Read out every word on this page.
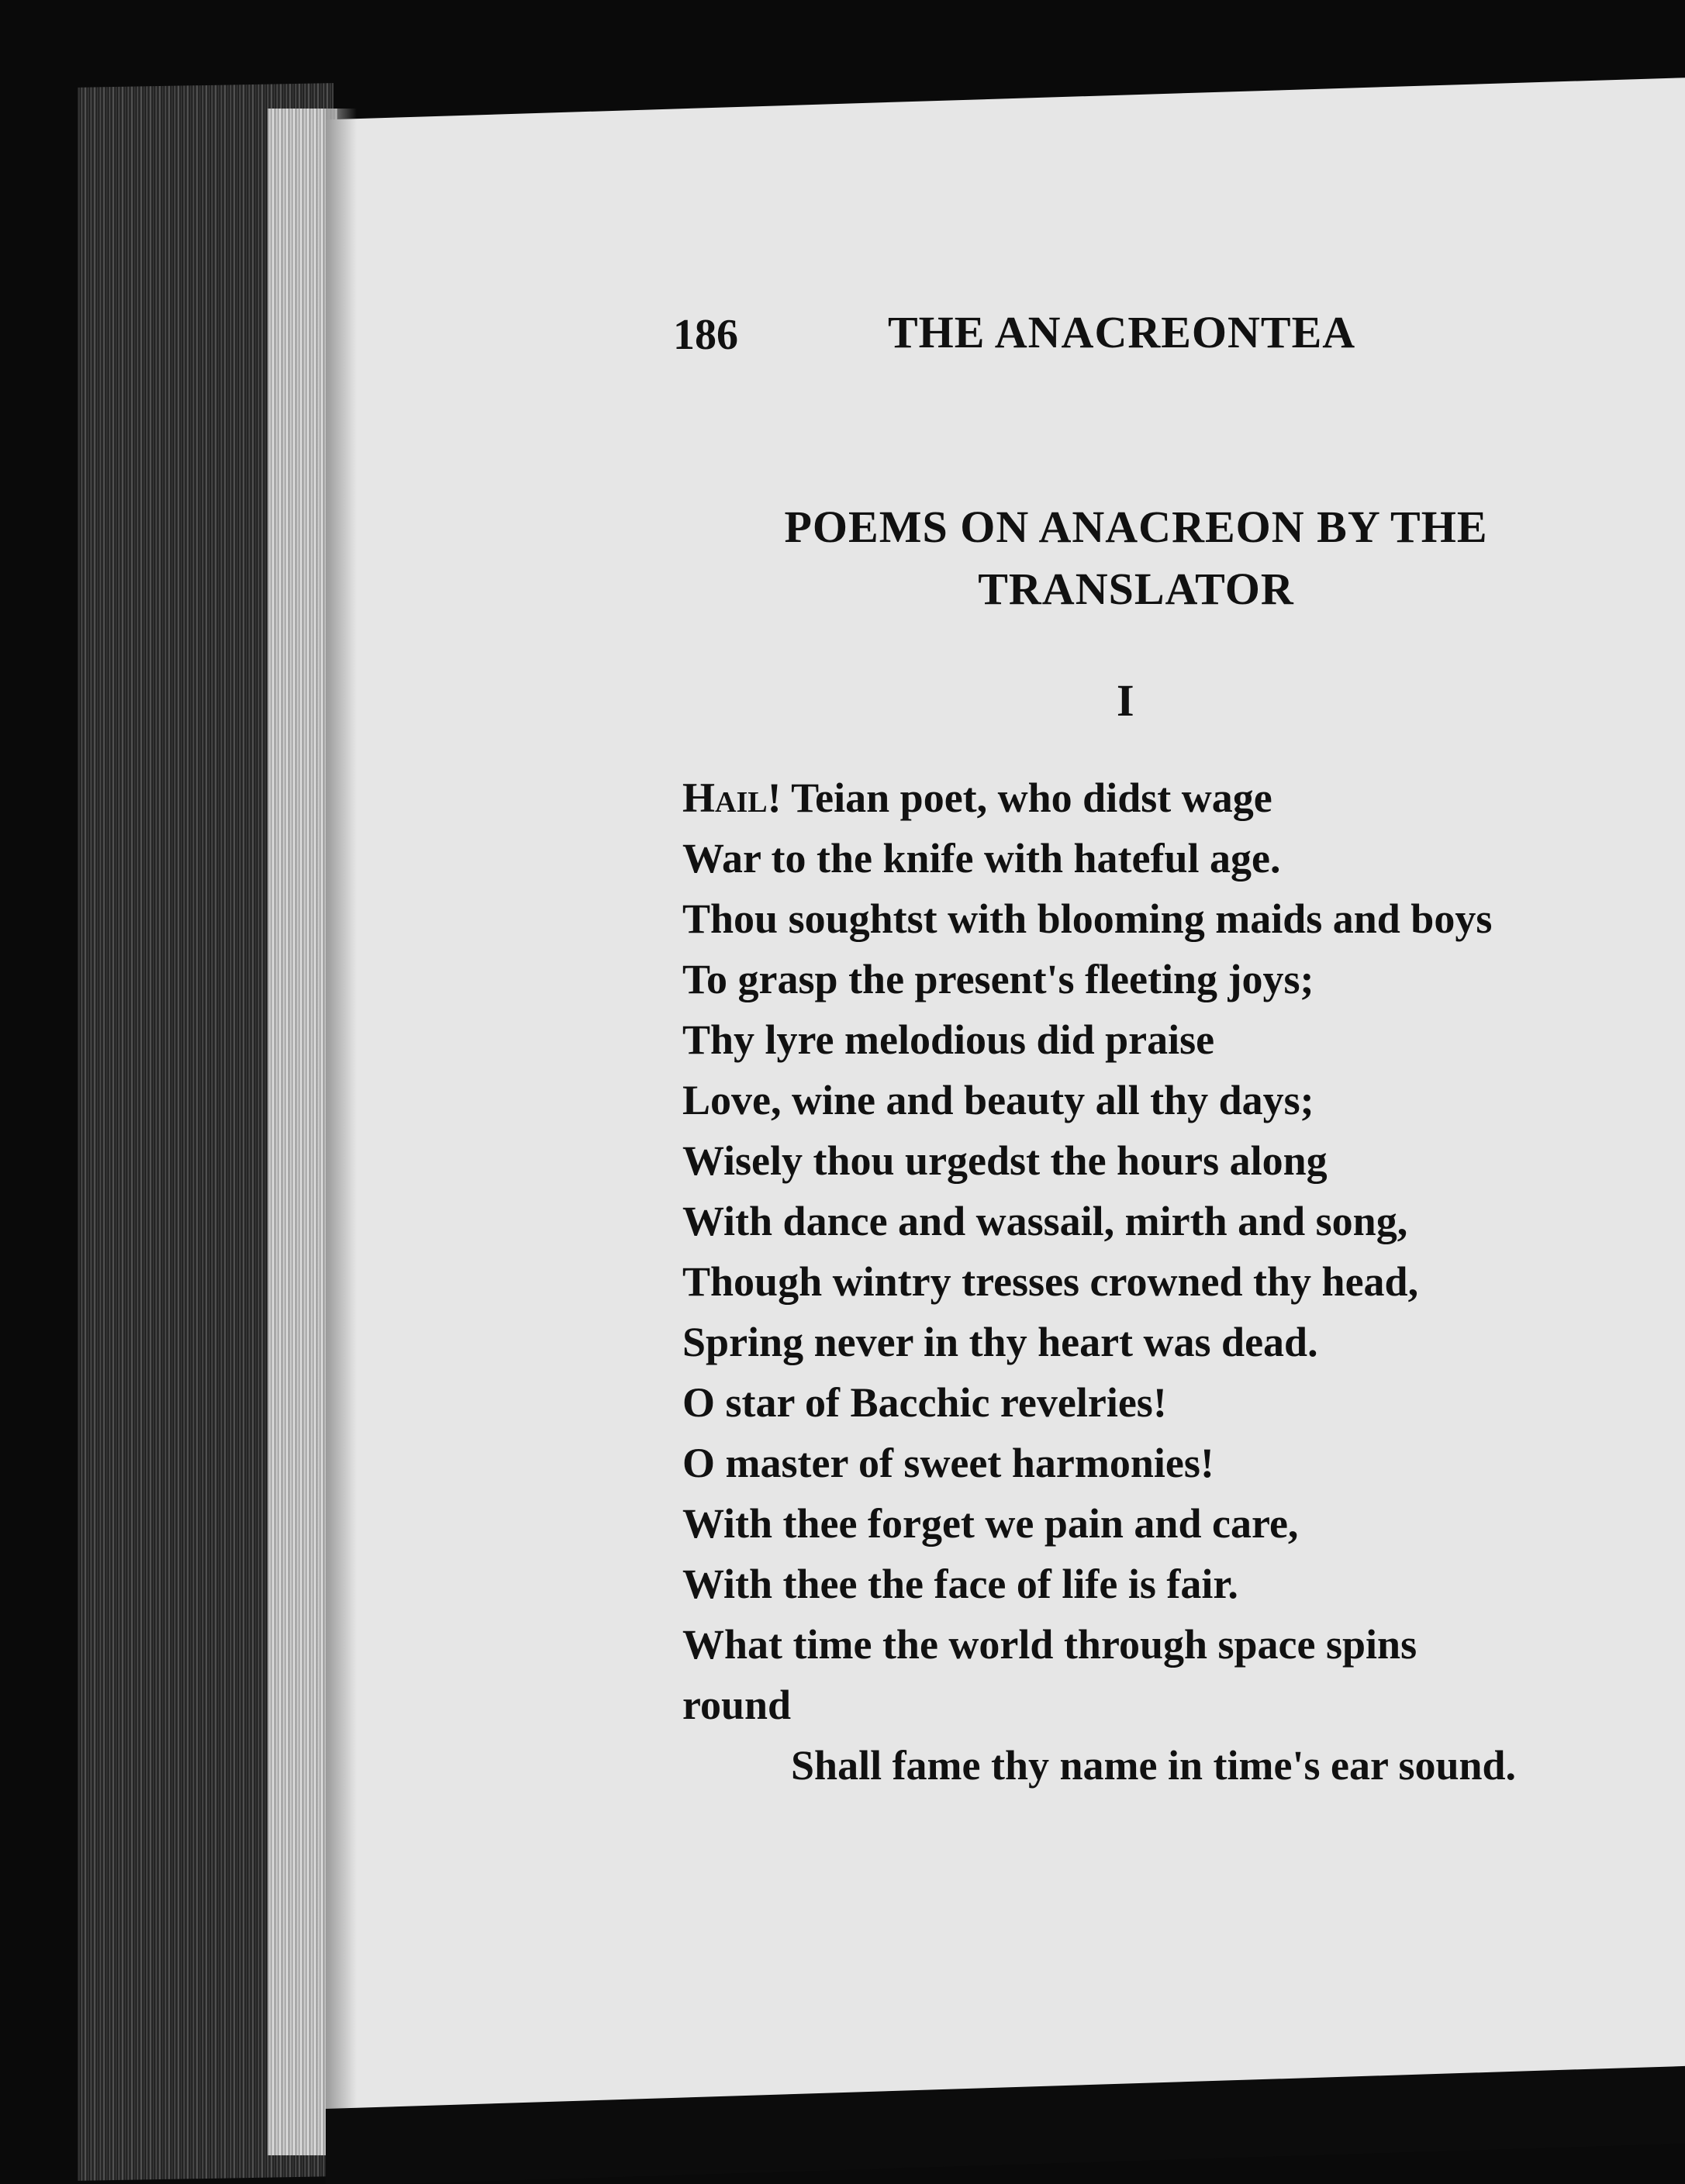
186	THE ANACREONTEA
POEMS ON ANACREON BY THE
TRANSLATOR
I
Hail! Teian poet, who didst wage
War to the knife with hateful age.
Thou soughtst with blooming maids and boys
To grasp the present's fleeting joys;
Thy lyre melodious did praise
Love, wine and beauty all thy days;
Wisely thou urgedst the hours along
With dance and wassail, mirth and song,
Though wintry tresses crowned thy head,
Spring never in thy heart was dead.
O star of Bacchic revelries!
O master of sweet harmonies!
With thee forget we pain and care,
With thee the face of life is fair.
What time the world through space spins
round
Shall fame thy name in time's ear sound.
